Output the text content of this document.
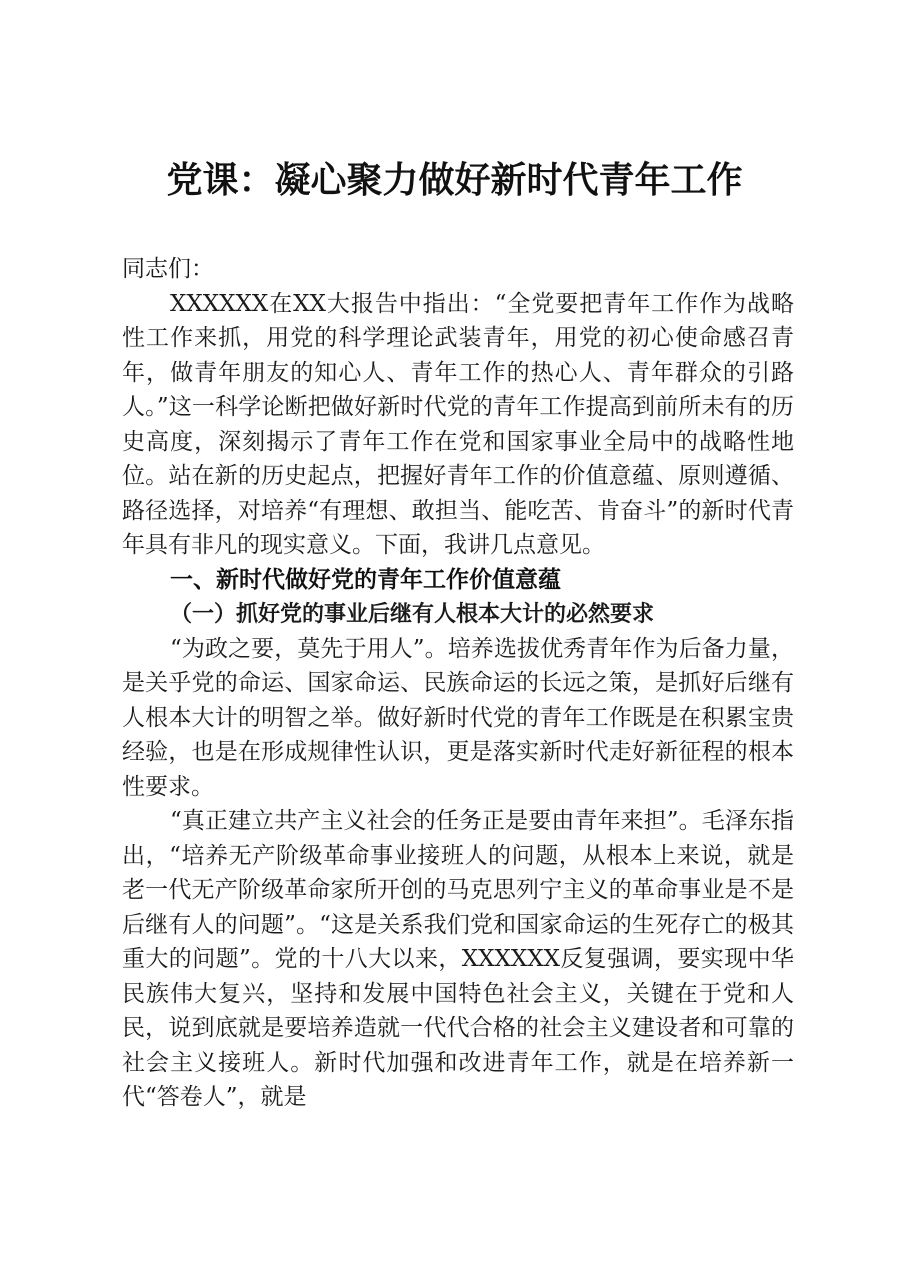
党课：凝心聚力做好新时代青年工作

同志们：

XXXXXX在XX大报告中指出：“全党要把青年工作作为战略性工作来抓，用党的科学理论武装青年，用党的初心使命感召青年，做青年朋友的知心人、青年工作的热心人、青年群众的引路人。”这一科学论断把做好新时代党的青年工作提高到前所未有的历史高度，深刻揭示了青年工作在党和国家事业全局中的战略性地位。站在新的历史起点，把握好青年工作的价值意蕴、原则遵循、路径选择，对培养“有理想、敢担当、能吃苦、肯奋斗”的新时代青年具有非凡的现实意义。下面，我讲几点意见。

一、新时代做好党的青年工作价值意蕴

（一）抓好党的事业后继有人根本大计的必然要求

“为政之要，莫先于用人”。培养选拔优秀青年作为后备力量，是关乎党的命运、国家命运、民族命运的长远之策，是抓好后继有人根本大计的明智之举。做好新时代党的青年工作既是在积累宝贵经验，也是在形成规律性认识，更是落实新时代走好新征程的根本性要求。

“真正建立共产主义社会的任务正是要由青年来担”。毛泽东指出，“培养无产阶级革命事业接班人的问题，从根本上来说，就是老一代无产阶级革命家所开创的马克思列宁主义的革命事业是不是后继有人的问题”。“这是关系我们党和国家命运的生死存亡的极其重大的问题”。党的十八大以来，XXXXXX反复强调，要实现中华民族伟大复兴，坚持和发展中国特色社会主义，关键在于党和人民，说到底就是要培养造就一代代合格的社会主义建设者和可靠的社会主义接班人。新时代加强和改进青年工作，就是在培养新一代“答卷人”，就是
